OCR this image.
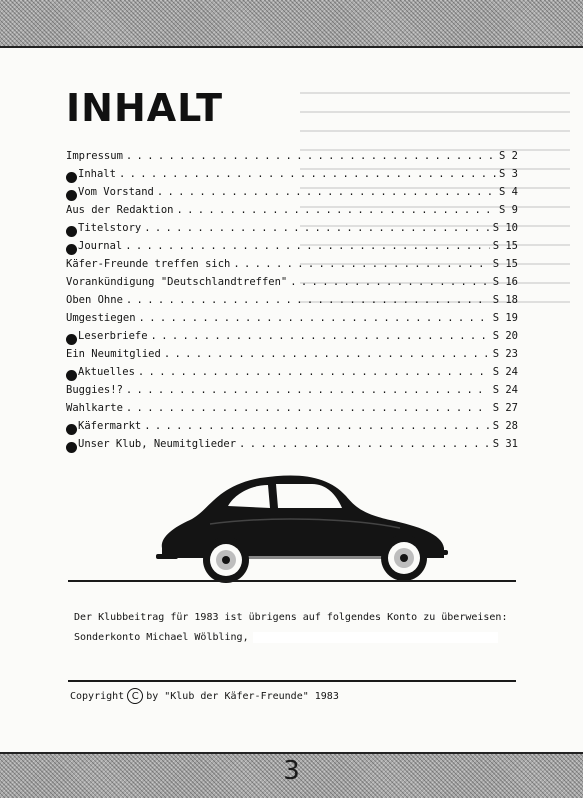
INHALT
Impressum . . .	S 2
Inhalt . . .	S 3
Vom Vorstand . . .	S 4
Aus der Redaktion . . .	S 9
Titelstory . . .	S 10
Journal . . .	S 15
Käfer-Freunde treffen sich . . .	S 15
Vorankündigung "Deutschlandtreffen" . . .	S 16
Oben Ohne . . .	S 18
Umgestiegen . . .	S 19
Leserbriefe . . .	S 20
Ein Neumitglied . . .	S 23
Aktuelles . . .	S 24
Buggies!? . . .	S 24
Wahlkarte . . .	S 27
Käfermarkt . . .	S 28
Unser Klub, Neumitglieder . . .	S 31
Der Klubbeitrag für 1983 ist übrigens auf folgendes Konto zu überweisen:
Sonderkonto Michael Wölbling,
Copyright C by "Klub der Käfer-Freunde" 1983
3
